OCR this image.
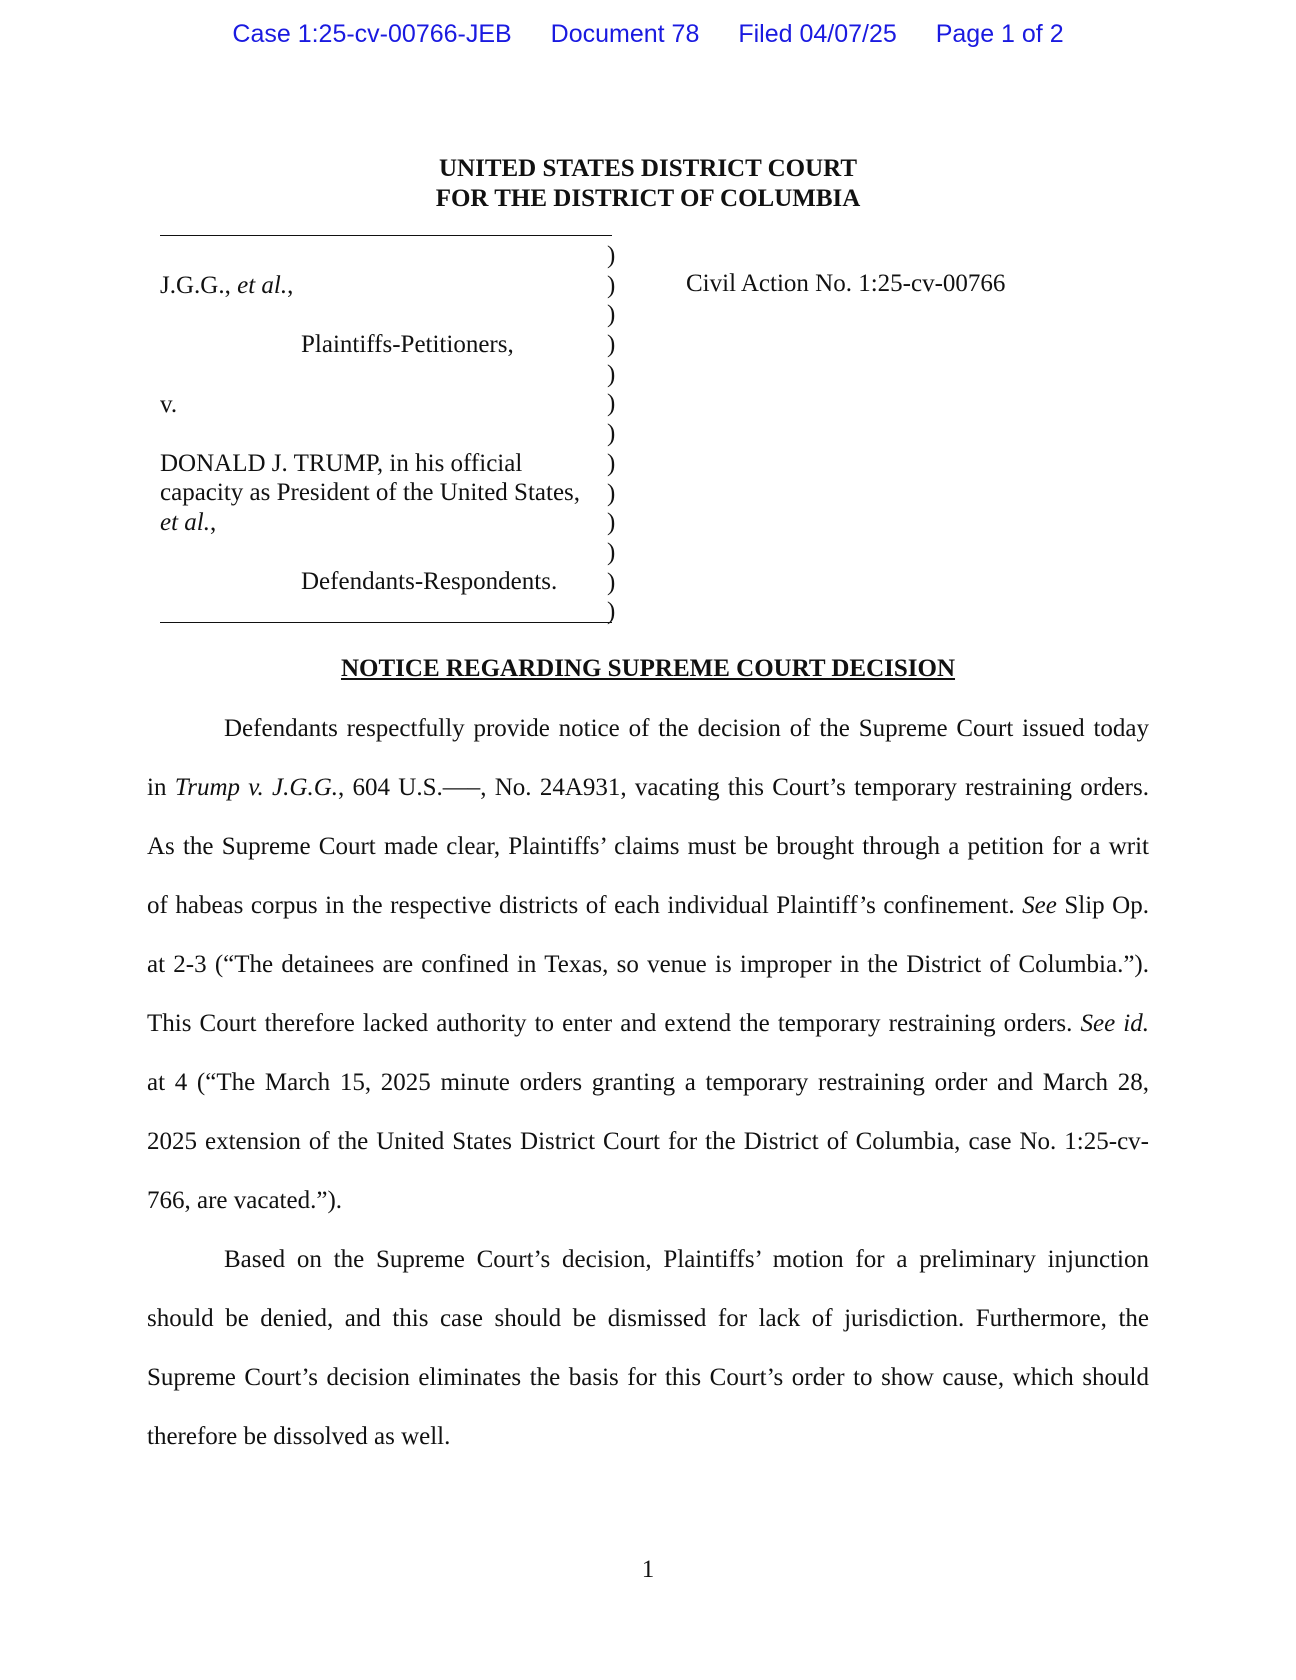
Case 1:25-cv-00766-JEB Document 78 Filed 04/07/25 Page 1 of 2
UNITED STATES DISTRICT COURT
FOR THE DISTRICT OF COLUMBIA
J.G.G., et al.,
Plaintiffs-Petitioners,
v.
DONALD J. TRUMP, in his official
capacity as President of the United States,
et al.,
Defendants-Respondents.
)
)
)
)
)
)
)
)
)
)
)
)
)
Civil Action No. 1:25-cv-00766
NOTICE REGARDING SUPREME COURT DECISION
Defendants respectfully provide notice of the decision of the Supreme Court issued today
in Trump v. J.G.G., 604 U.S.—–, No. 24A931, vacating this Court’s temporary restraining orders.
As the Supreme Court made clear, Plaintiffs’ claims must be brought through a petition for a writ
of habeas corpus in the respective districts of each individual Plaintiff’s confinement. See Slip Op.
at 2-3 (“The detainees are confined in Texas, so venue is improper in the District of Columbia.”).
This Court therefore lacked authority to enter and extend the temporary restraining orders. See id.
at 4 (“The March 15, 2025 minute orders granting a temporary restraining order and March 28,
2025 extension of the United States District Court for the District of Columbia, case No. 1:25-cv-
766, are vacated.”).
Based on the Supreme Court’s decision, Plaintiffs’ motion for a preliminary injunction
should be denied, and this case should be dismissed for lack of jurisdiction. Furthermore, the
Supreme Court’s decision eliminates the basis for this Court’s order to show cause, which should
therefore be dissolved as well.
1
